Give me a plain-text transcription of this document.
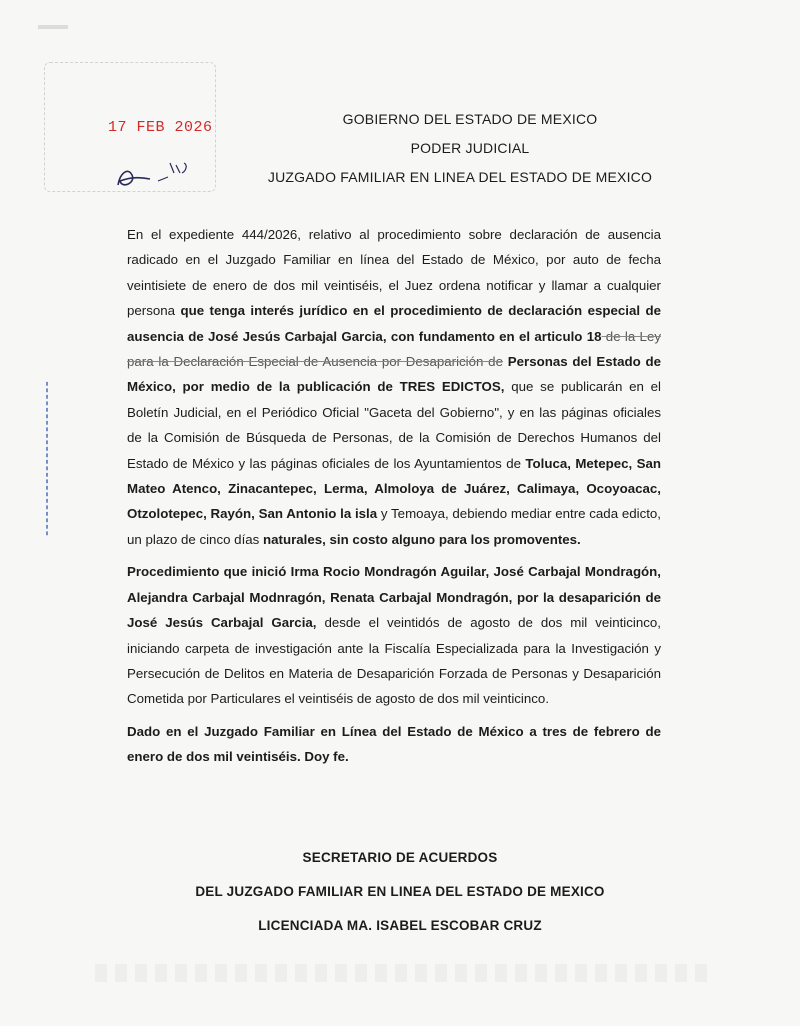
17 FEB 2026	GOBIERNO DEL ESTADO DE MEXICO
PODER JUDICIAL
JUZGADO FAMILIAR EN LINEA DEL ESTADO DE MEXICO
▮▮▮▮▮▮▮▮▮▮▮▮▮▮▮▮▮▮▮▮▮▮▮▮

En el expediente 444/2026, relativo al procedimiento sobre declaración de ausencia radicado en el Juzgado Familiar en línea del Estado de México, por auto de fecha veintisiete de enero de dos mil veintiséis, el Juez ordena notificar y llamar a cualquier persona que tenga interés jurídico en el procedimiento de declaración especial de ausencia de José Jesús Carbajal Garcia, con fundamento en el articulo 18 de la Ley para la Declaración Especial de Ausencia por Desaparición de Personas del Estado de México, por medio de la publicación de TRES EDICTOS, que se publicarán en el Boletín Judicial, en el Periódico Oficial "Gaceta del Gobierno", y en las páginas oficiales de la Comisión de Búsqueda de Personas, de la Comisión de Derechos Humanos del Estado de México y las páginas oficiales de los Ayuntamientos de Toluca, Metepec, San Mateo Atenco, Zinacantepec, Lerma, Almoloya de Juárez, Calimaya, Ocoyoacac, Otzolotepec, Rayón, San Antonio la isla y Temoaya, debiendo mediar entre cada edicto, un plazo de cinco días naturales, sin costo alguno para los promoventes.

Procedimiento que inició Irma Rocio Mondragón Aguilar, José Carbajal Mondragón, Alejandra Carbajal Modnragón, Renata Carbajal Mondragón, por la desaparición de José Jesús Carbajal Garcia, desde el veintidós de agosto de dos mil veinticinco, iniciando carpeta de investigación ante la Fiscalía Especializada para la Investigación y Persecución de Delitos en Materia de Desaparición Forzada de Personas y Desaparición Cometida por Particulares el veintiséis de agosto de dos mil veinticinco.

Dado en el Juzgado Familiar en Línea del Estado de México a tres de febrero de enero de dos mil veintiséis. Doy fe.

SECRETARIO DE ACUERDOS
DEL JUZGADO FAMILIAR EN LINEA DEL ESTADO DE MEXICO
LICENCIADA MA. ISABEL ESCOBAR CRUZ
